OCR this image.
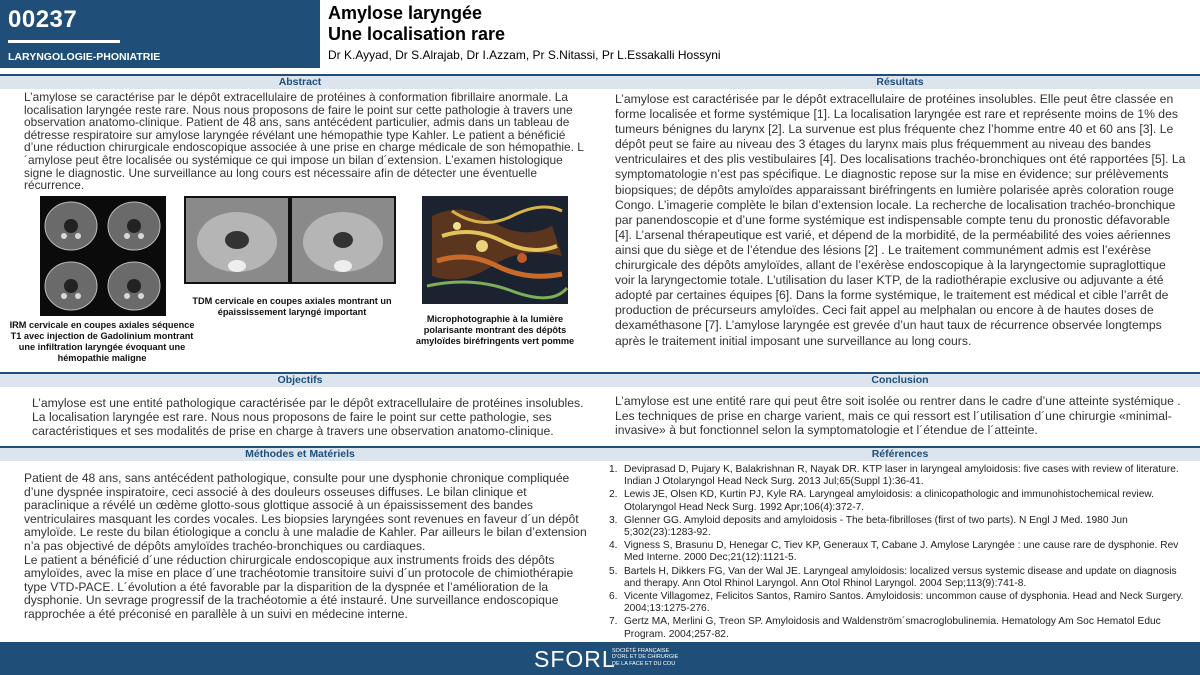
00237
LARYNGOLOGIE-PHONIATRIE
Amylose laryngée
Une localisation rare
Dr K.Ayyad, Dr S.Alrajab, Dr I.Azzam, Pr S.Nitassi, Pr L.Essakalli Hossyni
Abstract
L’amylose se caractérise par le dépôt extracellulaire de protéines à conformation fibrillaire anormale. La localisation laryngée reste rare. Nous nous proposons de faire le point sur cette pathologie à travers une observation anatomo-clinique. Patient de 48 ans, sans antécédent particulier, admis dans un tableau de détresse respiratoire sur amylose laryngée révélant une hémopathie type Kahler. Le patient a bénéficié d’une réduction chirurgicale endoscopique associée à une prise en charge médicale de son hémopathie. L´amylose peut être localisée ou systémique ce qui impose un bilan d´extension. L’examen histologique signe le diagnostic. Une surveillance au long cours est nécessaire afin de détecter une éventuelle récurrence.
IRM cervicale en coupes axiales séquence T1 avec injection de Gadolinium montrant une infiltration laryngée évoquant une hémopathie maligne
TDM cervicale en coupes axiales montrant un épaississement laryngé important
Microphotographie à la lumière polarisante montrant des dépôts amyloïdes biréfringents vert pomme
Résultats
L’amylose est caractérisée par le dépôt extracellulaire de protéines insolubles. Elle peut être classée en forme localisée et forme systémique [1]. La localisation laryngée est rare et représente moins de 1% des tumeurs bénignes du larynx [2]. La survenue est plus fréquente chez l’homme entre 40 et 60 ans [3]. Le dépôt peut se faire au niveau des 3 étages du larynx mais plus fréquemment au niveau des bandes ventriculaires et des plis vestibulaires [4]. Des localisations trachéo-bronchiques ont été rapportées [5]. La symptomatologie n’est pas spécifique. Le diagnostic repose sur la mise en évidence; sur prélèvements biopsiques; de dépôts amyloïdes apparaissant biréfringents en lumière polarisée après coloration rouge Congo. L’imagerie complète le bilan d’extension locale. La recherche de localisation trachéo-bronchique par panendoscopie et d’une forme systémique est indispensable compte tenu du pronostic défavorable [4]. L’arsenal thérapeutique est varié, et dépend de la morbidité, de la perméabilité des voies aériennes ainsi que du siège et de l’étendue des lésions [2] . Le traitement communément admis est l’exérèse chirurgicale des dépôts amyloïdes, allant de l’exérèse endoscopique à la laryngectomie supraglottique voir la laryngectomie totale. L’utilisation du laser KTP, de la radiothérapie exclusive ou adjuvante a été adopté par certaines équipes [6]. Dans la forme systémique, le traitement est médical et cible l’arrêt de production de précurseurs amyloïdes. Ceci fait appel au melphalan ou encore à de hautes doses de dexaméthasone [7]. L’amylose laryngée est grevée d’un haut taux de récurrence observée longtemps après le traitement initial imposant une surveillance au long cours.
Objectifs
L’amylose est une entité pathologique caractérisée par le dépôt extracellulaire de protéines insolubles. La localisation laryngée est rare. Nous nous proposons de faire le point sur cette pathologie, ses caractéristiques et ses modalités de prise en charge à travers une observation anatomo-clinique.
Conclusion
L’amylose est une entité rare qui peut être soit isolée ou rentrer dans le cadre d’une atteinte systémique . Les techniques de prise en charge varient, mais ce qui ressort est l´utilisation d´une chirurgie «minimal-invasive» à but fonctionnel selon la symptomatologie et l´étendue de l´atteinte.
Méthodes et Matériels

Patient de 48 ans, sans antécédent pathologique, consulte pour une dysphonie chronique compliquée d’une dyspnée inspiratoire, ceci associé à des douleurs osseuses diffuses. Le bilan clinique et paraclinique a révélé un œdème glotto-sous glottique associé à un épaississement des bandes ventriculaires masquant les cordes vocales. Les biopsies laryngées sont revenues en faveur d´un dépôt amyloïde. Le reste du bilan étiologique a conclu à une maladie de Kahler. Par ailleurs le bilan d’extension n’a pas objectivé de dépôts amyloïdes trachéo-bronchiques ou cardiaques.

Le patient a bénéficié d´une réduction chirurgicale endoscopique aux instruments froids des dépôts amyloïdes, avec la mise en place d´une trachéotomie transitoire suivi d´un protocole de chimiothérapie type VTD-PACE. L´évolution a été favorable par la disparition de la dyspnée et l’amélioration de la dysphonie. Un sevrage progressif de la trachéotomie a été instauré. Une surveillance endoscopique rapprochée a été préconisé en parallèle à un suivi en médecine interne.

Références
1. Deviprasad D, Pujary K, Balakrishnan R, Nayak DR. KTP laser in laryngeal amyloidosis: five cases with review of literature. Indian J Otolaryngol Head Neck Surg. 2013 Jul;65(Suppl 1):36-41.
2. Lewis JE, Olsen KD, Kurtin PJ, Kyle RA. Laryngeal amyloidosis: a clinicopathologic and immunohistochemical review. Otolaryngol Head Neck Surg. 1992 Apr;106(4):372-7.
3. Glenner GG. Amyloid deposits and amyloidosis - The beta-fibrilloses (first of two parts). N Engl J Med. 1980 Jun 5;302(23):1283-92.
4. Vigness S, Brasunu D, Henegar C, Tiev KP, Generaux T, Cabane J. Amylose Laryngée : une cause rare de dysphonie. Rev Med Interne. 2000 Dec;21(12):1121-5.
5. Bartels H, Dikkers FG, Van der Wal JE. Laryngeal amyloidosis: localized versus systemic disease and update on diagnosis and therapy. Ann Otol Rhinol Laryngol. Ann Otol Rhinol Laryngol. 2004 Sep;113(9):741-8.
6. Vicente Villagomez, Felicitos Santos, Ramiro Santos. Amyloidosis: uncommon cause of dysphonia. Head and Neck Surgery. 2004;13:1275-276.
7. Gertz MA, Merlini G, Treon SP. Amyloidosis and Waldenström´smacroglobulinemia. Hematology Am Soc Hematol Educ Program. 2004;257-82.
SFORL
SOCIÉTÉ FRANÇAISE
D’ORL ET DE CHIRURGIE
DE LA FACE ET DU COU
